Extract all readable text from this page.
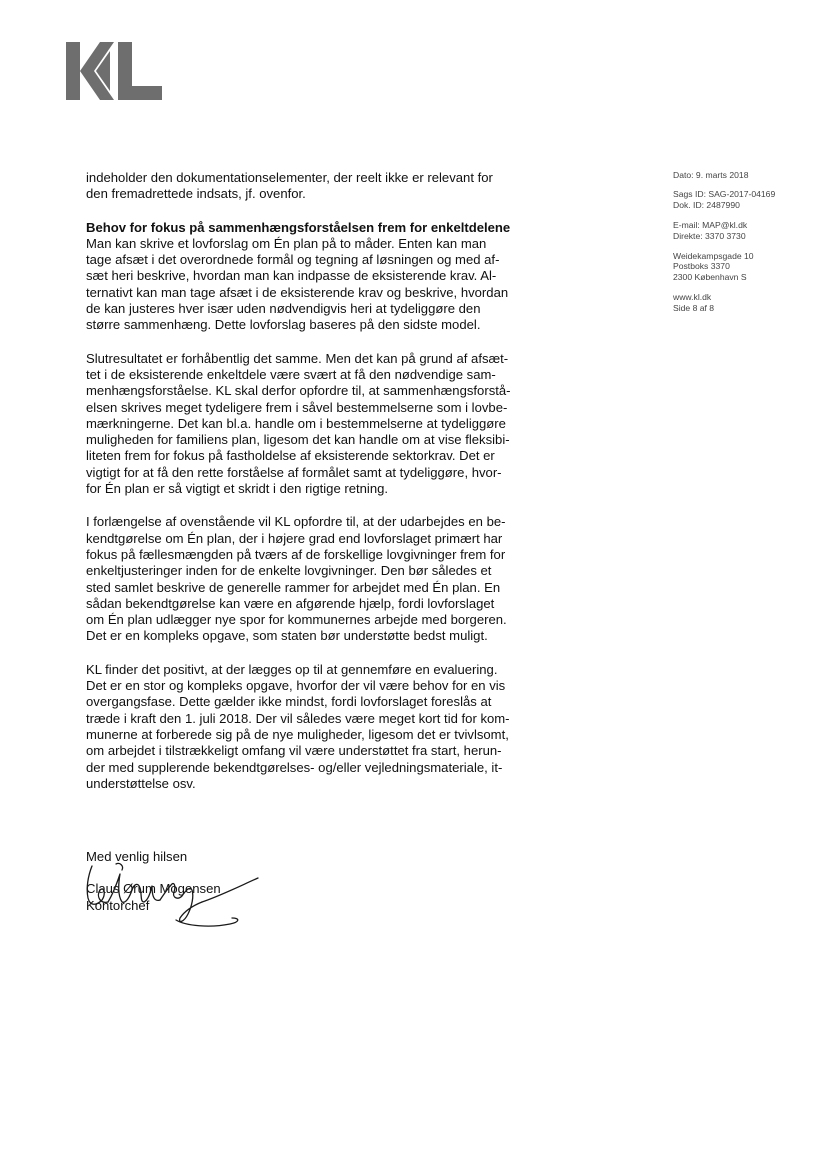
indeholder den dokumentationselementer, der reelt ikke er relevant for
den fremadrettede indsats, jf. ovenfor.

Behov for fokus på sammenhængsforståelsen frem for enkeltdelene
Man kan skrive et lovforslag om Én plan på to måder. Enten kan man
tage afsæt i det overordnede formål og tegning af løsningen og med af-
sæt heri beskrive, hvordan man kan indpasse de eksisterende krav. Al-
ternativt kan man tage afsæt i de eksisterende krav og beskrive, hvordan
de kan justeres hver især uden nødvendigvis heri at tydeliggøre den
større sammenhæng. Dette lovforslag baseres på den sidste model.

Slutresultatet er forhåbentlig det samme. Men det kan på grund af afsæt-
tet i de eksisterende enkeltdele være svært at få den nødvendige sam-
menhængsforståelse. KL skal derfor opfordre til, at sammenhængsforstå-
elsen skrives meget tydeligere frem i såvel bestemmelserne som i lovbe-
mærkningerne. Det kan bl.a. handle om i bestemmelserne at tydeliggøre
muligheden for familiens plan, ligesom det kan handle om at vise fleksibi-
liteten frem for fokus på fastholdelse af eksisterende sektorkrav. Det er
vigtigt for at få den rette forståelse af formålet samt at tydeliggøre, hvor-
for Én plan er så vigtigt et skridt i den rigtige retning.

I forlængelse af ovenstående vil KL opfordre til, at der udarbejdes en be-
kendtgørelse om Én plan, der i højere grad end lovforslaget primært har
fokus på fællesmængden på tværs af de forskellige lovgivninger frem for
enkeltjusteringer inden for de enkelte lovgivninger. Den bør således et
sted samlet beskrive de generelle rammer for arbejdet med Én plan. En
sådan bekendtgørelse kan være en afgørende hjælp, fordi lovforslaget
om Én plan udlægger nye spor for kommunernes arbejde med borgeren.
Det er en kompleks opgave, som staten bør understøtte bedst muligt.

KL finder det positivt, at der lægges op til at gennemføre en evaluering.
Det er en stor og kompleks opgave, hvorfor der vil være behov for en vis
overgangsfase. Dette gælder ikke mindst, fordi lovforslaget foreslås at
træde i kraft den 1. juli 2018. Der vil således være meget kort tid for kom-
munerne at forberede sig på de nye muligheder, ligesom det er tvivlsomt,
om arbejdet i tilstrækkeligt omfang vil være understøttet fra start, herun-
der med supplerende bekendtgørelses- og/eller vejledningsmateriale, it-
understøttelse osv.

Dato: 9. marts 2018
Sags ID: SAG-2017-04169
Dok. ID: 2487990
E-mail: MAP@kl.dk
Direkte: 3370 3730
Weidekampsgade 10
Postboks 3370
2300 København S
www.kl.dk
Side 8 af 8
Med venlig hilsen
Claus Ørum Mogensen
Kontorchef
